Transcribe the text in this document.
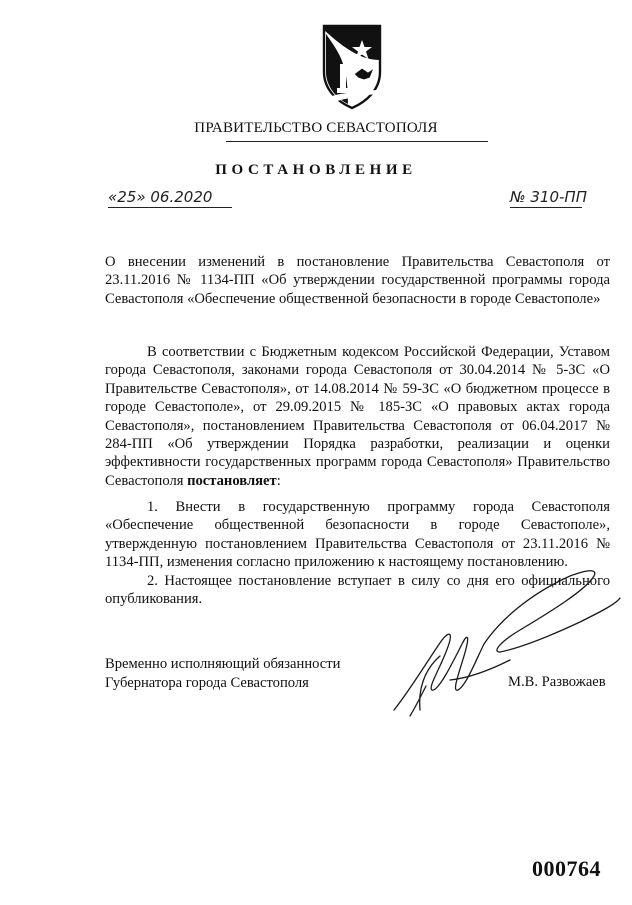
ПРАВИТЕЛЬСТВО СЕВАСТОПОЛЯ
ПОСТАНОВЛЕНИЕ
«25» 06.2020	№ 310-ПП
О внесении изменений в постановление Правительства Севастополя от 23.11.2016 № 1134-ПП «Об утверждении государственной программы города Севастополя «Обеспечение общественной безопасности в городе Севастополе»
В соответствии с Бюджетным кодексом Российской Федерации, Уставом города Севастополя, законами города Севастополя от 30.04.2014 № 5-ЗС «О Правительстве Севастополя», от 14.08.2014 № 59-ЗС «О бюджетном процессе в городе Севастополе», от 29.09.2015 № 185-ЗС «О правовых актах города Севастополя», постановлением Правительства Севастополя от 06.04.2017 № 284-ПП «Об утверждении Порядка разработки, реализации и оценки эффективности государственных программ города Севастополя» Правительство Севастополя постановляет:
1. Внести в государственную программу города Севастополя «Обеспечение общественной безопасности в городе Севастополе», утвержденную постановлением Правительства Севастополя от 23.11.2016 № 1134-ПП, изменения согласно приложению к настоящему постановлению.
2. Настоящее постановление вступает в силу со дня его официального опубликования.
Временно исполняющий обязанности
Губернатора города Севастополя	М.В. Развожаев
000764
